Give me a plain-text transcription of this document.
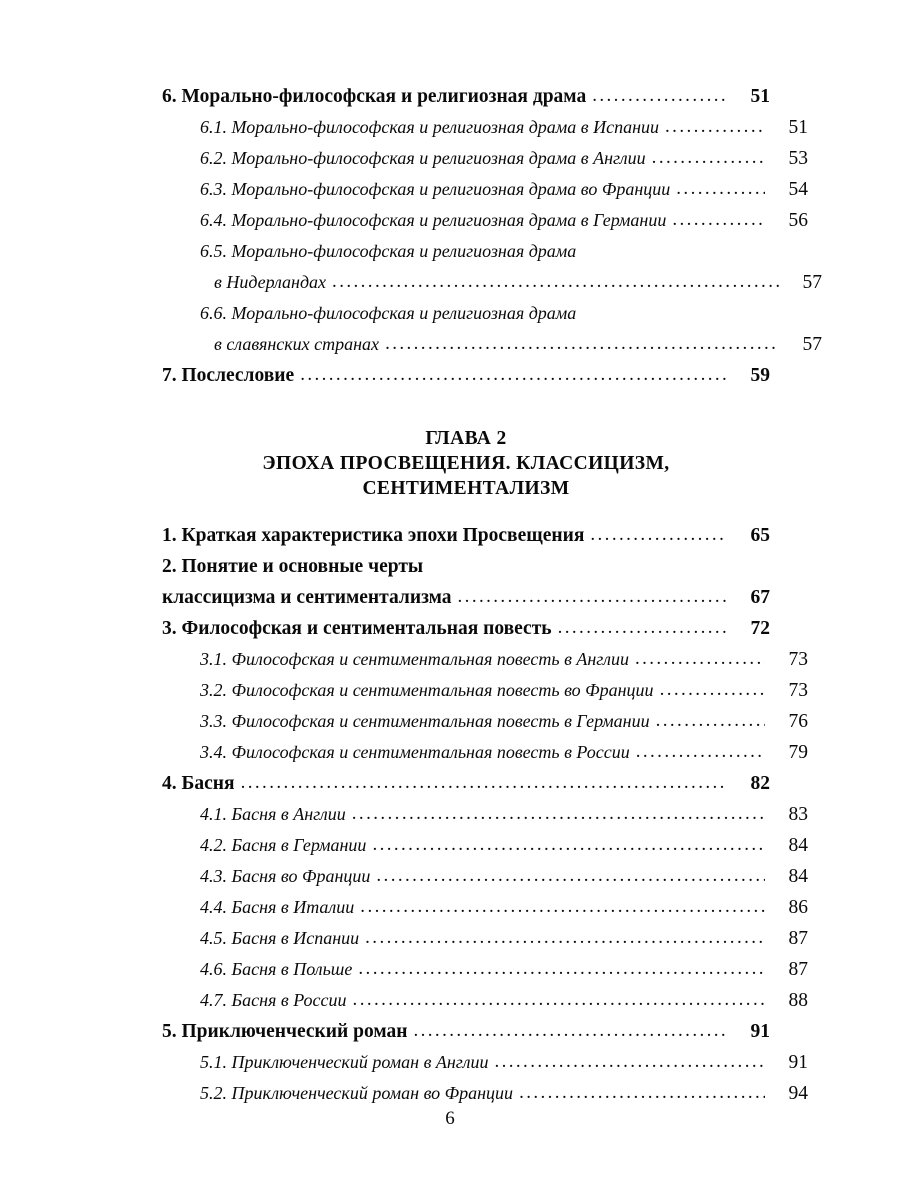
6. Морально-философская и религиозная драма .....	51
6.1. Морально-философская и религиозная драма в Испании .....	51
6.2. Морально-философская и религиозная драма в Англии .....	53
6.3. Морально-философская и религиозная драма во Франции .....	54
6.4. Морально-философская и религиозная драма в Германии .....	56
6.5. Морально-философская и религиозная драма
в Нидерландах .....	57
6.6. Морально-философская и религиозная драма
в славянских странах .....	57
7. Послесловие .....	59
ГЛАВА 2
ЭПОХА ПРОСВЕЩЕНИЯ. КЛАССИЦИЗМ,
СЕНТИМЕНТАЛИЗМ
1. Краткая характеристика эпохи Просвещения .....	65
2. Понятие и основные черты
классицизма и сентиментализма .....	67
3. Философская и сентиментальная повесть .....	72
3.1. Философская и сентиментальная повесть в Англии .....	73
3.2. Философская и сентиментальная повесть во Франции .....	73
3.3. Философская и сентиментальная повесть в Германии .....	76
3.4. Философская и сентиментальная повесть в России .....	79
4. Басня .....	82
4.1. Басня в Англии .....	83
4.2. Басня в Германии .....	84
4.3. Басня во Франции .....	84
4.4. Басня в Италии .....	86
4.5. Басня в Испании .....	87
4.6. Басня в Польше .....	87
4.7. Басня в России .....	88
5. Приключенческий роман .....	91
5.1. Приключенческий роман в Англии .....	91
5.2. Приключенческий роман во Франции .....	94
6
